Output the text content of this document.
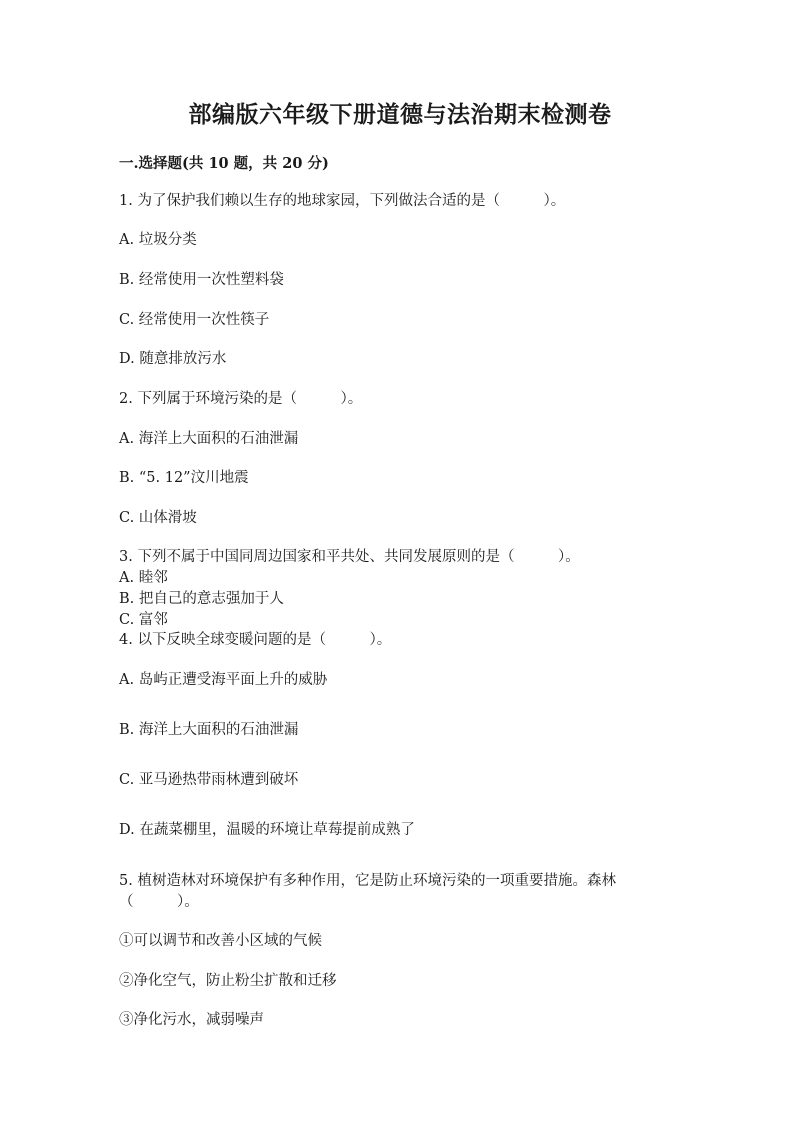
部编版六年级下册道德与法治期末检测卷
一.选择题(共 10 题，共 20 分)
1. 为了保护我们赖以生存的地球家园，下列做法合适的是（　　　）。
A. 垃圾分类
B. 经常使用一次性塑料袋
C. 经常使用一次性筷子
D. 随意排放污水
2. 下列属于环境污染的是（　　　）。
A. 海洋上大面积的石油泄漏
B. “5. 12”汶川地震
C. 山体滑坡
3. 下列不属于中国同周边国家和平共处、共同发展原则的是（　　　）。
A. 睦邻
B. 把自己的意志强加于人
C. 富邻
4. 以下反映全球变暖问题的是（　　　）。
A. 岛屿正遭受海平面上升的威胁
B. 海洋上大面积的石油泄漏
C. 亚马逊热带雨林遭到破坏
D. 在蔬菜棚里，温暖的环境让草莓提前成熟了
5. 植树造林对环境保护有多种作用，它是防止环境污染的一项重要措施。森林
（　　　）。
①可以调节和改善小区域的气候
②净化空气，防止粉尘扩散和迁移
③净化污水，减弱噪声
